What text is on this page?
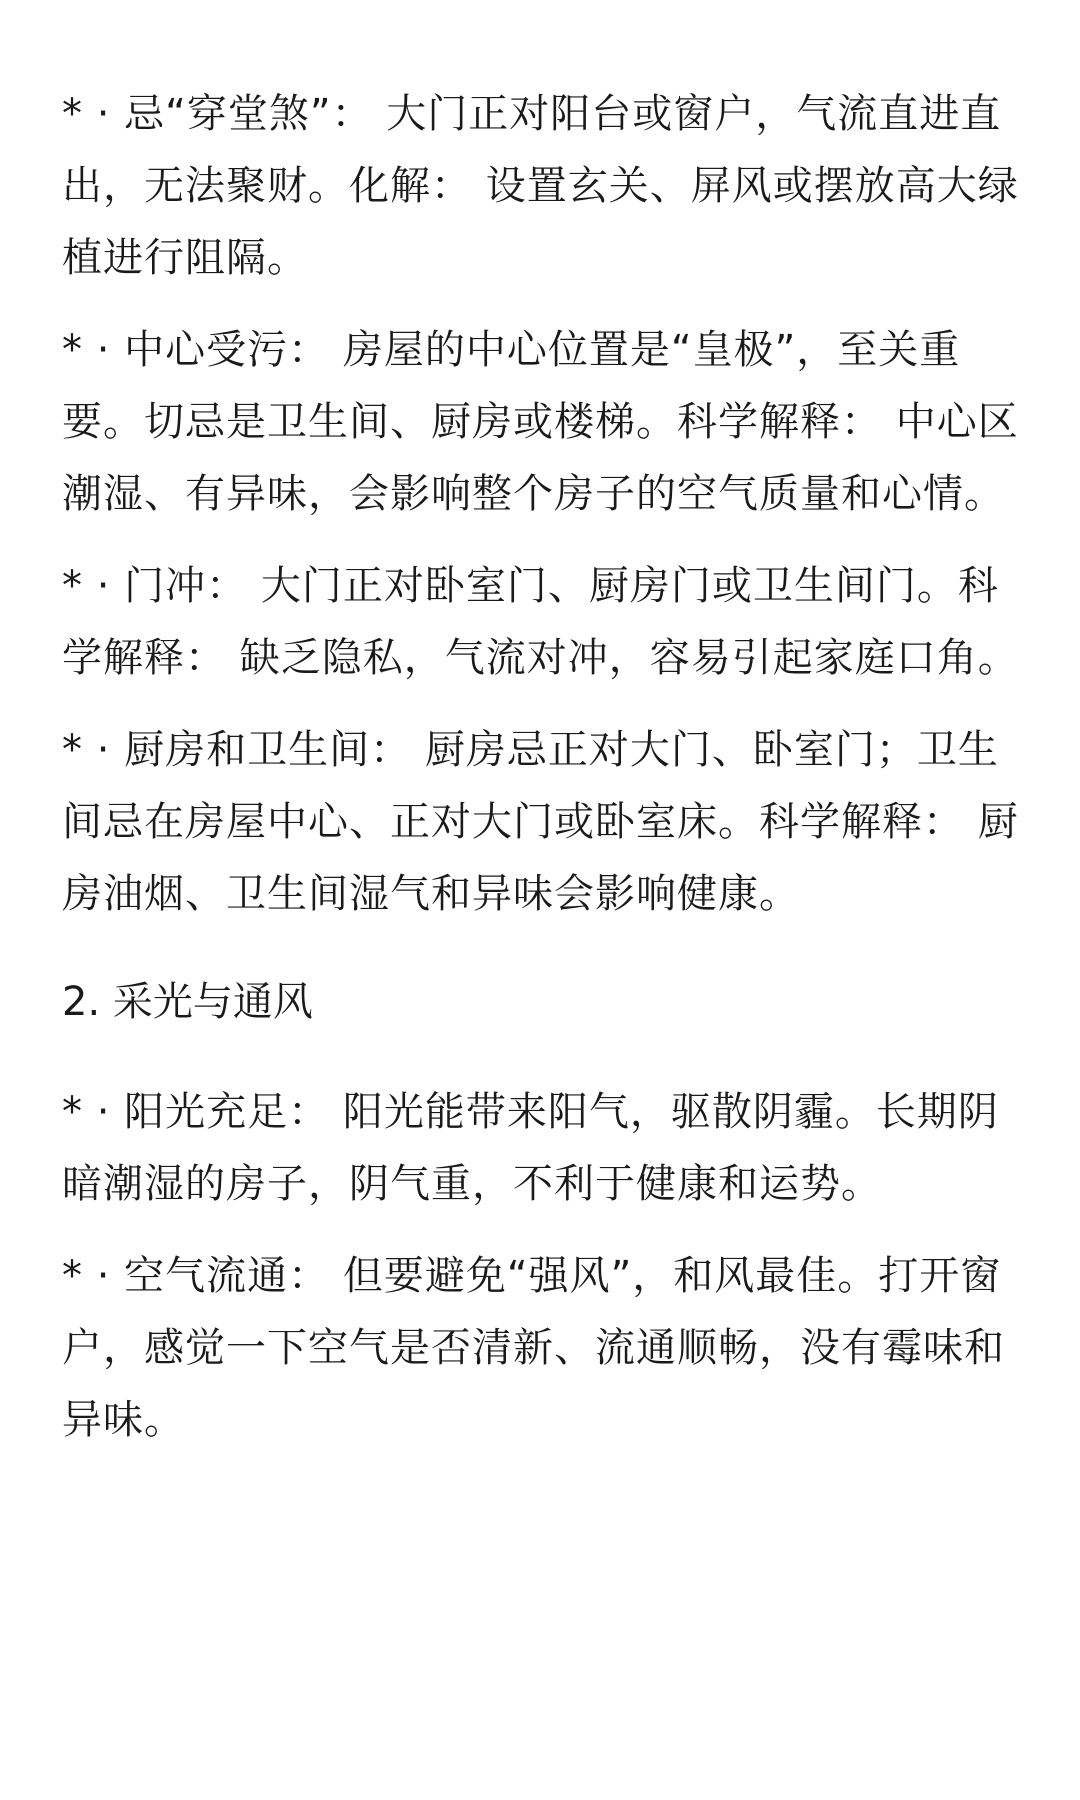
* · 忌“穿堂煞”： 大门正对阳台或窗户，气流直进直出，无法聚财。化解： 设置玄关、屏风或摆放高大绿植进行阻隔。

* · 中心受污： 房屋的中心位置是“皇极”，至关重要。切忌是卫生间、厨房或楼梯。科学解释： 中心区潮湿、有异味，会影响整个房子的空气质量和心情。

* · 门冲： 大门正对卧室门、厨房门或卫生间门。科学解释： 缺乏隐私，气流对冲，容易引起家庭口角。

* · 厨房和卫生间： 厨房忌正对大门、卧室门；卫生间忌在房屋中心、正对大门或卧室床。科学解释： 厨房油烟、卫生间湿气和异味会影响健康。

2. 采光与通风

* · 阳光充足： 阳光能带来阳气，驱散阴霾。长期阴暗潮湿的房子，阴气重，不利于健康和运势。

* · 空气流通： 但要避免“强风”，和风最佳。打开窗户，感觉一下空气是否清新、流通顺畅，没有霉味和异味。
